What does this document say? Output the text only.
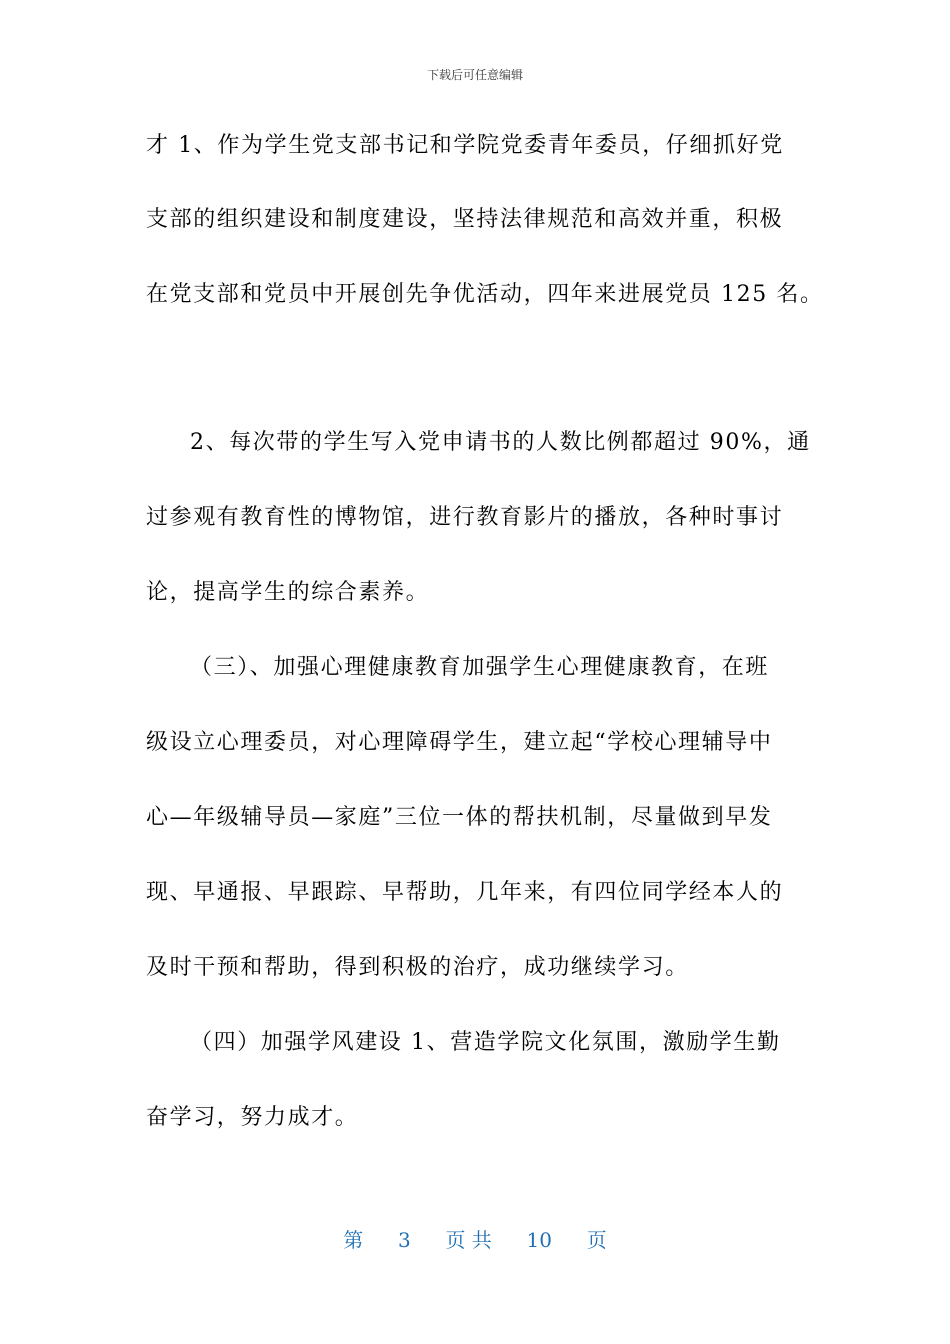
下载后可任意编辑
才 1、作为学生党支部书记和学院党委青年委员，仔细抓好党
支部的组织建设和制度建设，坚持法律规范和高效并重，积极
在党支部和党员中开展创先争优活动，四年来进展党员 125 名。
2、每次带的学生写入党申请书的人数比例都超过 90%，通
过参观有教育性的博物馆，进行教育影片的播放，各种时事讨
论，提高学生的综合素养。
（三）、加强心理健康教育加强学生心理健康教育，在班
级设立心理委员，对心理障碍学生，建立起“学校心理辅导中
心—年级辅导员—家庭”三位一体的帮扶机制，尽量做到早发
现、早通报、早跟踪、早帮助，几年来，有四位同学经本人的
及时干预和帮助，得到积极的治疗，成功继续学习。
（四）加强学风建设 1、营造学院文化氛围，激励学生勤
奋学习，努力成才。
第 3 页 共 10 页
